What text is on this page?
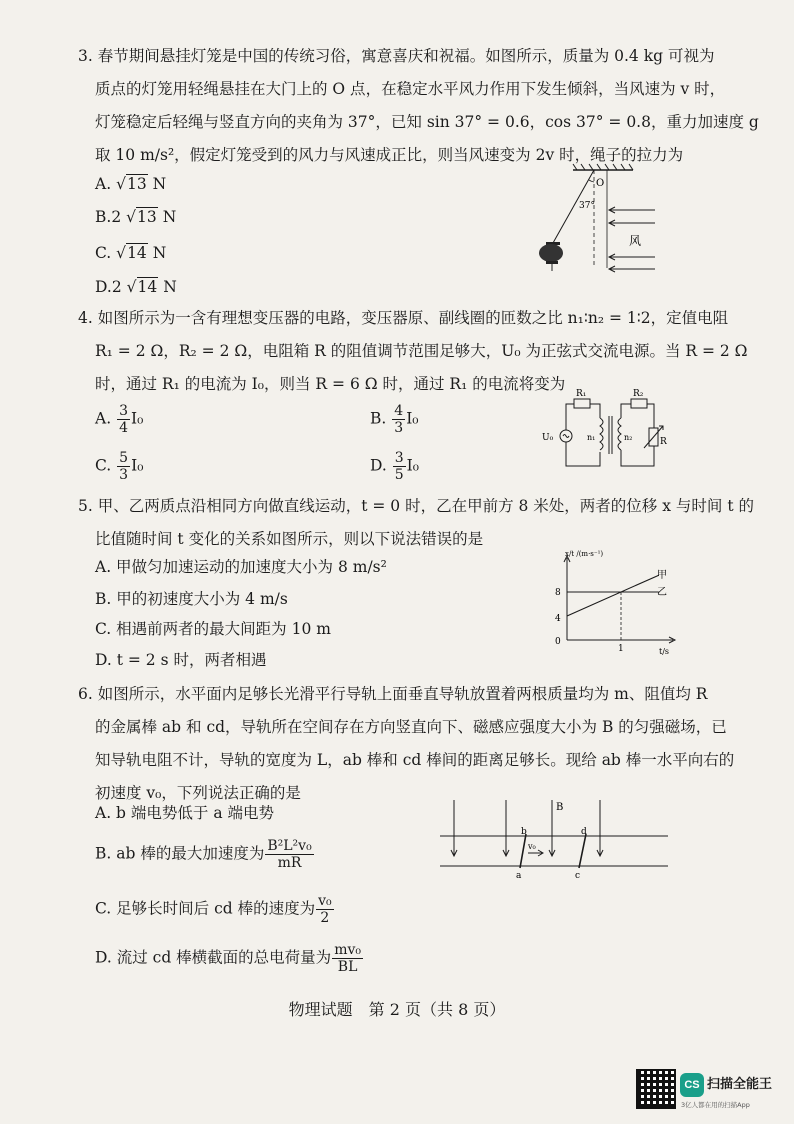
3. 春节期间悬挂灯笼是中国的传统习俗，寓意喜庆和祝福。如图所示，质量为 0.4 kg 可视为
质点的灯笼用轻绳悬挂在大门上的 O 点，在稳定水平风力作用下发生倾斜，当风速为 v 时，
灯笼稳定后轻绳与竖直方向的夹角为 37°，已知 sin 37° = 0.6，cos 37° = 0.8，重力加速度 g
取 10 m/s²，假定灯笼受到的风力与风速成正比，则当风速变为 2v 时，绳子的拉力为
A. √13 N
B.2 √13 N
C. √14 N
D.2 √14 N
O
37°
风
4. 如图所示为一含有理想变压器的电路，变压器原、副线圈的匝数之比 n₁∶n₂ = 1∶2，定值电阻
R₁ = 2 Ω，R₂ = 2 Ω，电阻箱 R 的阻值调节范围足够大，U₀ 为正弦式交流电源。当 R = 2 Ω
时，通过 R₁ 的电流为 I₀，则当 R = 6 Ω 时，通过 R₁ 的电流将变为
A. $\frac{3}{4} I_0$	B. $\frac{4}{3} I_0$
C. $\frac{5}{3} I_0$	D. $\frac{3}{5} I_0$
R₁	R₂
U₀	n₁	n₂	R
5. 甲、乙两质点沿相同方向做直线运动，t = 0 时，乙在甲前方 8 米处，两者的位移 x 与时间 t 的
比值随时间 t 变化的关系如图所示，则以下说法错误的是
A. 甲做匀加速运动的加速度大小为 8 m/s²
B. 甲的初速度大小为 4 m/s
C. 相遇前两者的最大间距为 10 m
D. t = 2 s 时，两者相遇
x/t /(m·s⁻¹)
t/s
8
4
0
1
甲
乙
6. 如图所示，水平面内足够长光滑平行导轨上面垂直导轨放置着两根质量均为 m、阻值均 R
的金属棒 ab 和 cd，导轨所在空间存在方向竖直向下、磁感应强度大小为 B 的匀强磁场，已
知导轨电阻不计，导轨的宽度为 L，ab 棒和 cd 棒间的距离足够长。现给 ab 棒一水平向右的
初速度 v₀，下列说法正确的是
A. b 端电势低于 a 端电势
B. ab 棒的最大加速度为 $\frac{\text{B²L²v₀}}{mR}$
C. 足够长时间后 cd 棒的速度为 $\frac{\text{v₀}}{2}$
D. 流过 cd 棒横截面的总电荷量为 $\frac{\text{mv₀}}{BL}$
B
b
a
d
c
v₀
物理试题　第 2 页（共 8 页）
CS 扫描全能王
3亿人都在用的扫描App
